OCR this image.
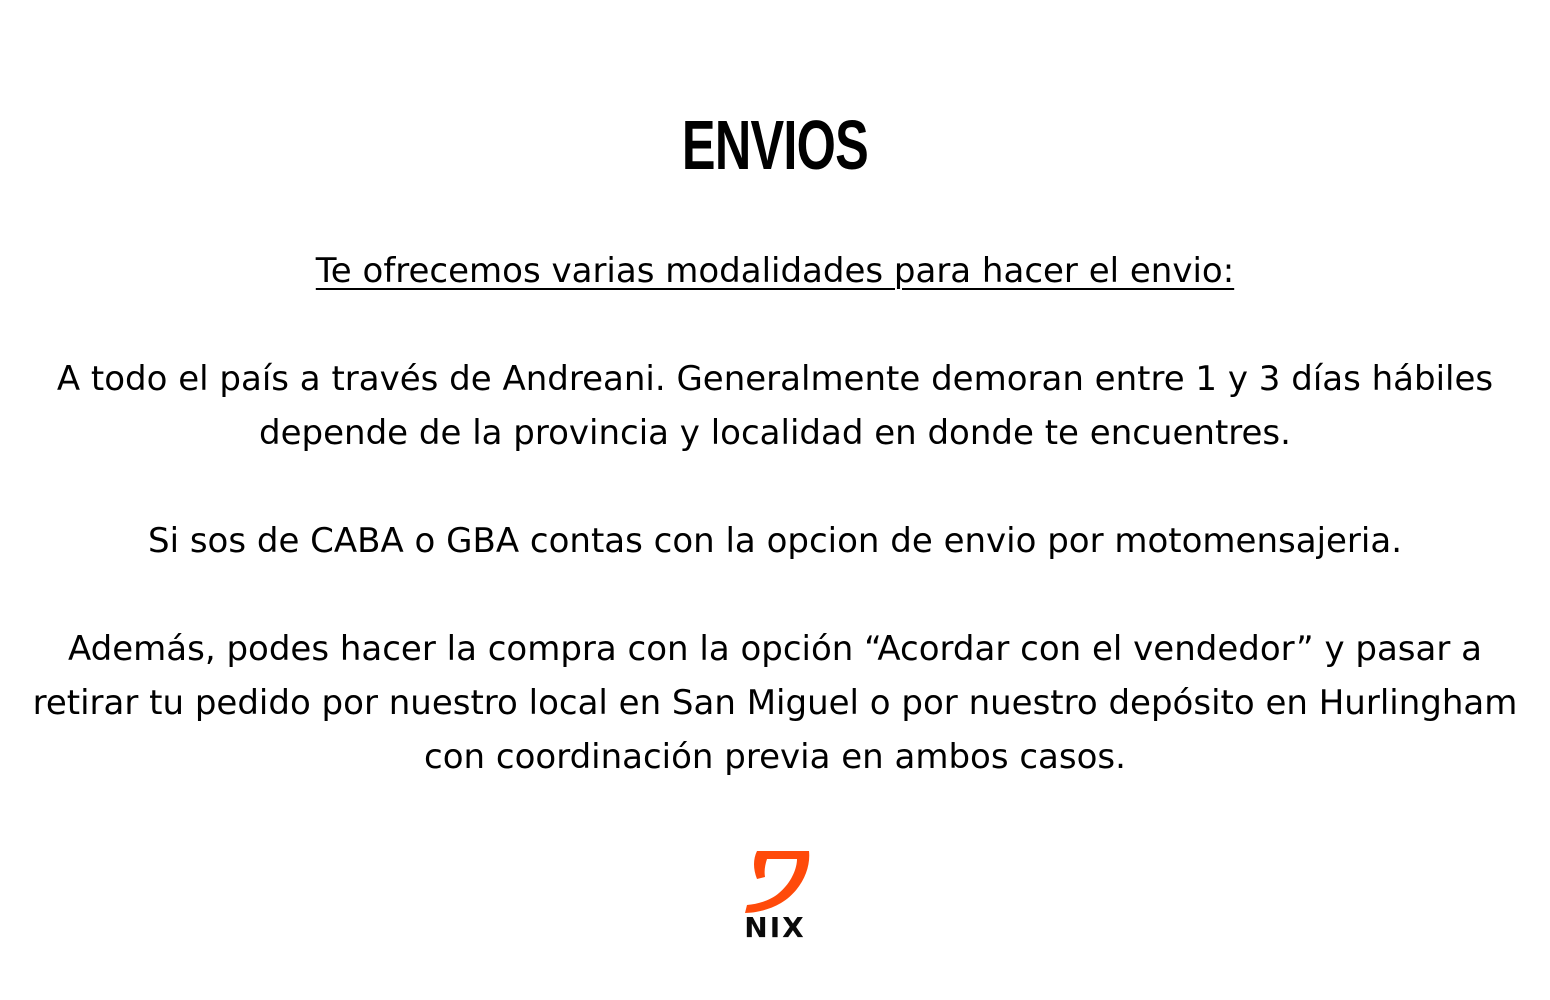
ENVIOS
Te ofrecemos varias modalidades para hacer el envio:
A todo el país a través de Andreani. Generalmente demoran entre 1 y 3 días hábiles depende de la provincia y localidad en donde te encuentres.
Si sos de CABA o GBA contas con la opcion de envio por motomensajeria.
Además, podes hacer la compra con la opción “Acordar con el vendedor” y pasar a retirar tu pedido por nuestro local en San Miguel o por nuestro depósito en Hurlingham con coordinación previa en ambos casos.
NIX
